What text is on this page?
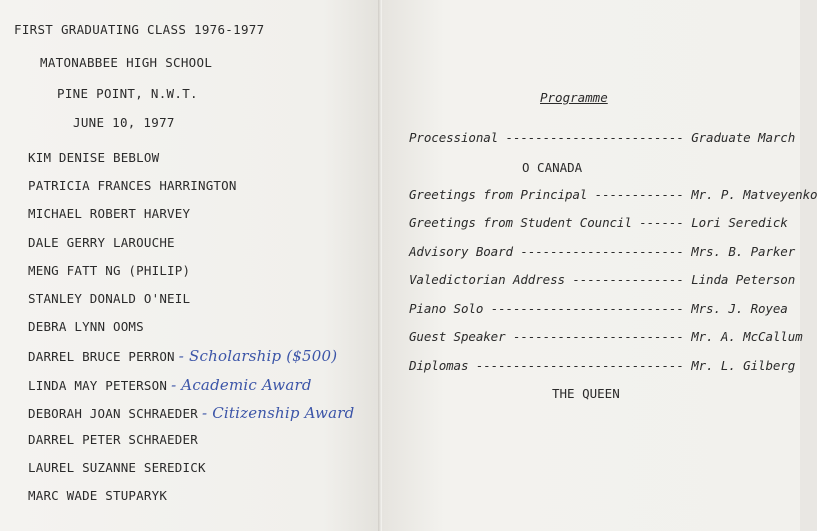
FIRST GRADUATING CLASS 1976-1977
MATONABBEE HIGH SCHOOL
PINE POINT, N.W.T.
JUNE 10, 1977
KIM DENISE BEBLOW
PATRICIA FRANCES HARRINGTON
MICHAEL ROBERT HARVEY
DALE GERRY LAROUCHE
MENG FATT NG (PHILIP)
STANLEY DONALD O'NEIL
DEBRA LYNN OOMS
DARREL BRUCE PERRON - Scholarship ($500)
LINDA MAY PETERSON - Academic Award
DEBORAH JOAN SCHRAEDER - Citizenship Award
DARREL PETER SCHRAEDER
LAUREL SUZANNE SEREDICK
MARC WADE STUPARYK
Programme
Processional ------------------------ Graduate March
Greetings from Principal ------------ Mr. P. Matveyenko
Greetings from Student Council ------ Lori Seredick
Advisory Board ---------------------- Mrs. B. Parker
Valedictorian Address --------------- Linda Peterson
Piano Solo -------------------------- Mrs. J. Royea
Guest Speaker ----------------------- Mr. A. McCallum
Diplomas ---------------------------- Mr. L. Gilberg
O CANADA
THE QUEEN
